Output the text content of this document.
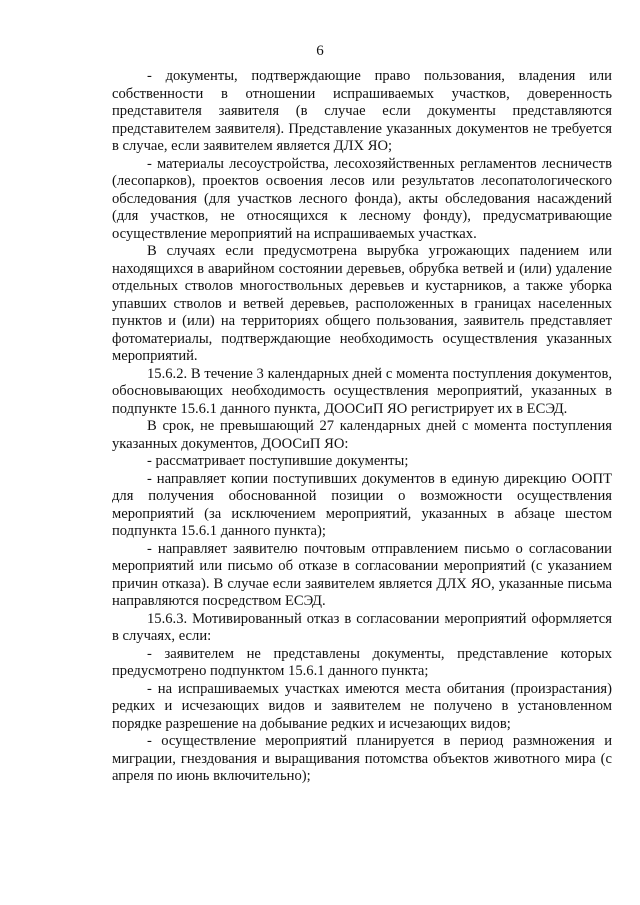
6

- документы, подтверждающие право пользования, владения или собственности в отношении испрашиваемых участков, доверенность представителя заявителя (в случае если документы представляются представителем заявителя). Представление указанных документов не требуется в случае, если заявителем является ДЛХ ЯО;

- материалы лесоустройства, лесохозяйственных регламентов лесничеств (лесопарков), проектов освоения лесов или результатов лесопатологического обследования (для участков лесного фонда), акты обследования насаждений (для участков, не относящихся к лесному фонду), предусматривающие осуществление мероприятий на испрашиваемых участках.

В случаях если предусмотрена вырубка угрожающих падением или находящихся в аварийном состоянии деревьев, обрубка ветвей и (или) удаление отдельных стволов многоствольных деревьев и кустарников, а также уборка упавших стволов и ветвей деревьев, расположенных в границах населенных пунктов и (или) на территориях общего пользования, заявитель представляет фотоматериалы, подтверждающие необходимость осуществления указанных мероприятий.

15.6.2. В течение 3 календарных дней с момента поступления документов, обосновывающих необходимость осуществления мероприятий, указанных в подпункте 15.6.1 данного пункта, ДООСиП ЯО регистрирует их в ЕСЭД.

В срок, не превышающий 27 календарных дней с момента поступления указанных документов, ДООСиП ЯО:

- рассматривает поступившие документы;

- направляет копии поступивших документов в единую дирекцию ООПТ для получения обоснованной позиции о возможности осуществления мероприятий (за исключением мероприятий, указанных в абзаце шестом подпункта 15.6.1 данного пункта);

- направляет заявителю почтовым отправлением письмо о согласовании мероприятий или письмо об отказе в согласовании мероприятий (с указанием причин отказа). В случае если заявителем является ДЛХ ЯО, указанные письма направляются посредством ЕСЭД.

15.6.3. Мотивированный отказ в согласовании мероприятий оформляется в случаях, если:

- заявителем не представлены документы, представление которых предусмотрено подпунктом 15.6.1 данного пункта;

- на испрашиваемых участках имеются места обитания (произрастания) редких и исчезающих видов и заявителем не получено в установленном порядке разрешение на добывание редких и исчезающих видов;

- осуществление мероприятий планируется в период размножения и миграции, гнездования и выращивания потомства объектов животного мира (с апреля по июнь включительно);
